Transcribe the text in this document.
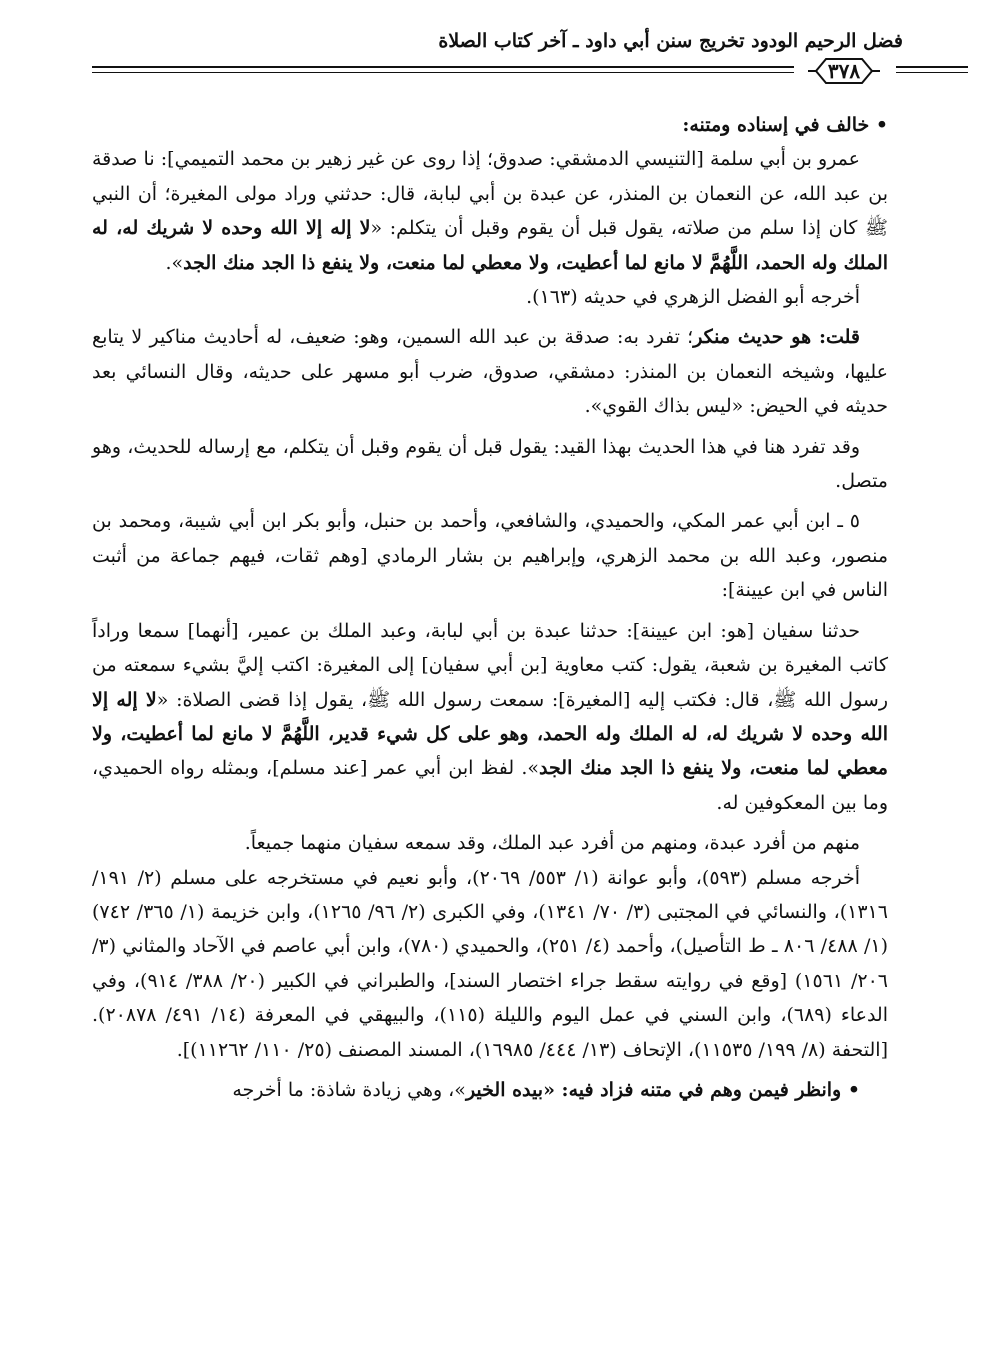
فضل الرحيم الودود تخريج سنن أبي داود ـ آخر كتاب الصلاة
٣٧٨

• خالف في إسناده ومتنه:

عمرو بن أبي سلمة [التنيسي الدمشقي: صدوق؛ إذا روى عن غير زهير بن محمد التميمي]: نا صدقة بن عبد الله، عن النعمان بن المنذر، عن عبدة بن أبي لبابة، قال: حدثني وراد مولى المغيرة؛ أن النبي ﷺ كان إذا سلم من صلاته، يقول قبل أن يقوم وقبل أن يتكلم: «لا إله إلا الله وحده لا شريك له، له الملك وله الحمد، اللَّهُمَّ لا مانع لما أعطيت، ولا معطي لما منعت، ولا ينفع ذا الجد منك الجد».

أخرجه أبو الفضل الزهري في حديثه (١٦٣).

قلت: هو حديث منكر؛ تفرد به: صدقة بن عبد الله السمين، وهو: ضعيف، له أحاديث مناكير لا يتابع عليها، وشيخه النعمان بن المنذر: دمشقي، صدوق، ضرب أبو مسهر على حديثه، وقال النسائي بعد حديثه في الحيض: «ليس بذاك القوي».

وقد تفرد هنا في هذا الحديث بهذا القيد: يقول قبل أن يقوم وقبل أن يتكلم، مع إرساله للحديث، وهو متصل.

٥ ـ ابن أبي عمر المكي، والحميدي، والشافعي، وأحمد بن حنبل، وأبو بكر ابن أبي شيبة، ومحمد بن منصور، وعبد الله بن محمد الزهري، وإبراهيم بن بشار الرمادي [وهم ثقات، فيهم جماعة من أثبت الناس في ابن عيينة]:

حدثنا سفيان [هو: ابن عيينة]: حدثنا عبدة بن أبي لبابة، وعبد الملك بن عمير، [أنهما] سمعا وراداً كاتب المغيرة بن شعبة، يقول: كتب معاوية [بن أبي سفيان] إلى المغيرة: اكتب إليَّ بشيء سمعته من رسول الله ﷺ، قال: فكتب إليه [المغيرة]: سمعت رسول الله ﷺ، يقول إذا قضى الصلاة: «لا إله إلا الله وحده لا شريك له، له الملك وله الحمد، وهو على كل شيء قدير، اللَّهُمَّ لا مانع لما أعطيت، ولا معطي لما منعت، ولا ينفع ذا الجد منك الجد». لفظ ابن أبي عمر [عند مسلم]، وبمثله رواه الحميدي، وما بين المعكوفين له.

منهم من أفرد عبدة، ومنهم من أفرد عبد الملك، وقد سمعه سفيان منهما جميعاً.

أخرجه مسلم (٥٩٣)، وأبو عوانة (١/ ٥٥٣/ ٢٠٦٩)، وأبو نعيم في مستخرجه على مسلم (٢/ ١٩١/ ١٣١٦)، والنسائي في المجتبى (٣/ ٧٠/ ١٣٤١)، وفي الكبرى (٢/ ٩٦/ ١٢٦٥)، وابن خزيمة (١/ ٣٦٥/ ٧٤٢) (١/ ٤٨٨/ ٨٠٦ ـ ط التأصيل)، وأحمد (٤/ ٢٥١)، والحميدي (٧٨٠)، وابن أبي عاصم في الآحاد والمثاني (٣/ ٢٠٦/ ١٥٦١) [وقع في روايته سقط جراء اختصار السند]، والطبراني في الكبير (٢٠/ ٣٨٨/ ٩١٤)، وفي الدعاء (٦٨٩)، وابن السني في عمل اليوم والليلة (١١٥)، والبيهقي في المعرفة (١٤/ ٤٩١/ ٢٠٨٧٨). [التحفة (٨/ ١٩٩/ ١١٥٣٥)، الإتحاف (١٣/ ٤٤٤/ ١٦٩٨٥)، المسند المصنف (٢٥/ ١١٠/ ١١٢٦٢)].

• وانظر فيمن وهم في متنه فزاد فيه: «بيده الخير»، وهي زيادة شاذة: ما أخرجه
